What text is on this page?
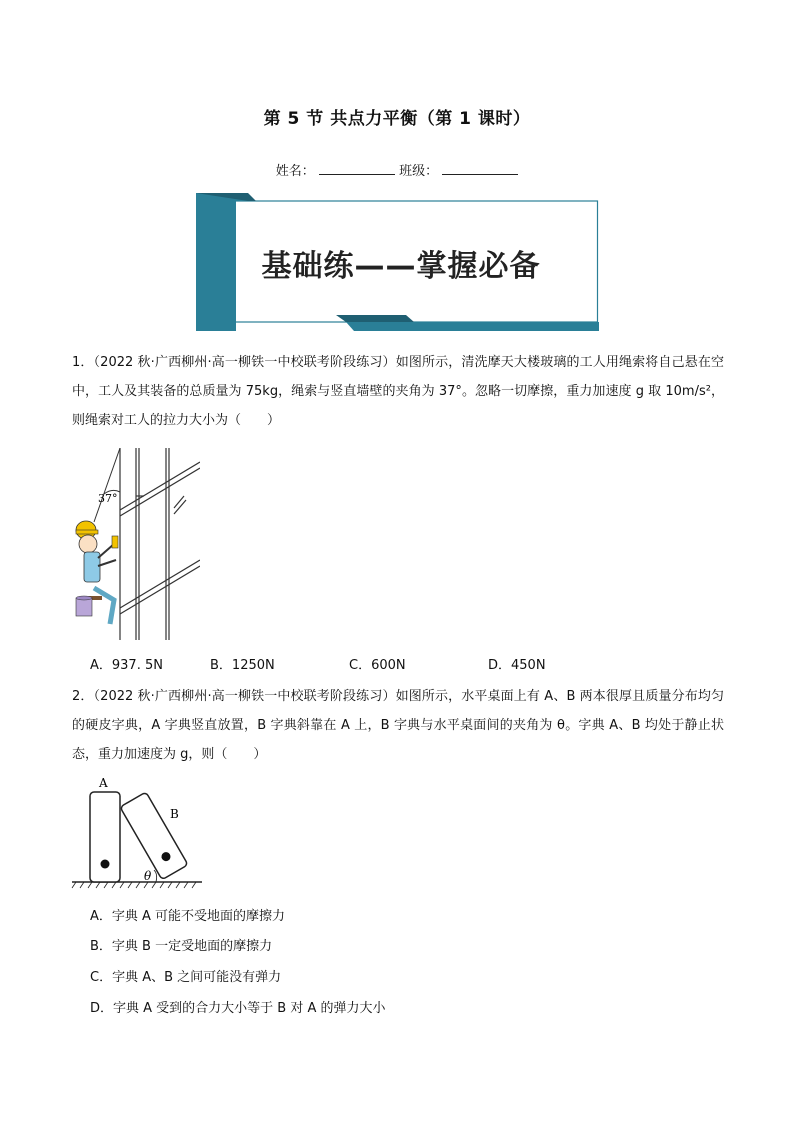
第 5 节 共点力平衡（第 1 课时）
姓名：	班级：
基础练——掌握必备
1．（2022 秋·广西柳州·高一柳铁一中校联考阶段练习）如图所示，清洗摩天大楼玻璃的工人用绳索将自己悬在空中，工人及其装备的总质量为 75kg，绳索与竖直墙壁的夹角为 37°。忽略一切摩擦，重力加速度 g 取 10m/s²，则绳索对工人的拉力大小为（　　）
37°
A．937. 5N	B．1250N	C．600N	D．450N
2．（2022 秋·广西柳州·高一柳铁一中校联考阶段练习）如图所示，水平桌面上有 A、B 两本很厚且质量分布均匀的硬皮字典，A 字典竖直放置，B 字典斜靠在 A 上，B 字典与水平桌面间的夹角为 θ。字典 A、B 均处于静止状态，重力加速度为 g，则（　　）
A
B
θ
A．字典 A 可能不受地面的摩擦力
B．字典 B 一定受地面的摩擦力
C．字典 A、B 之间可能没有弹力
D．字典 A 受到的合力大小等于 B 对 A 的弹力大小
